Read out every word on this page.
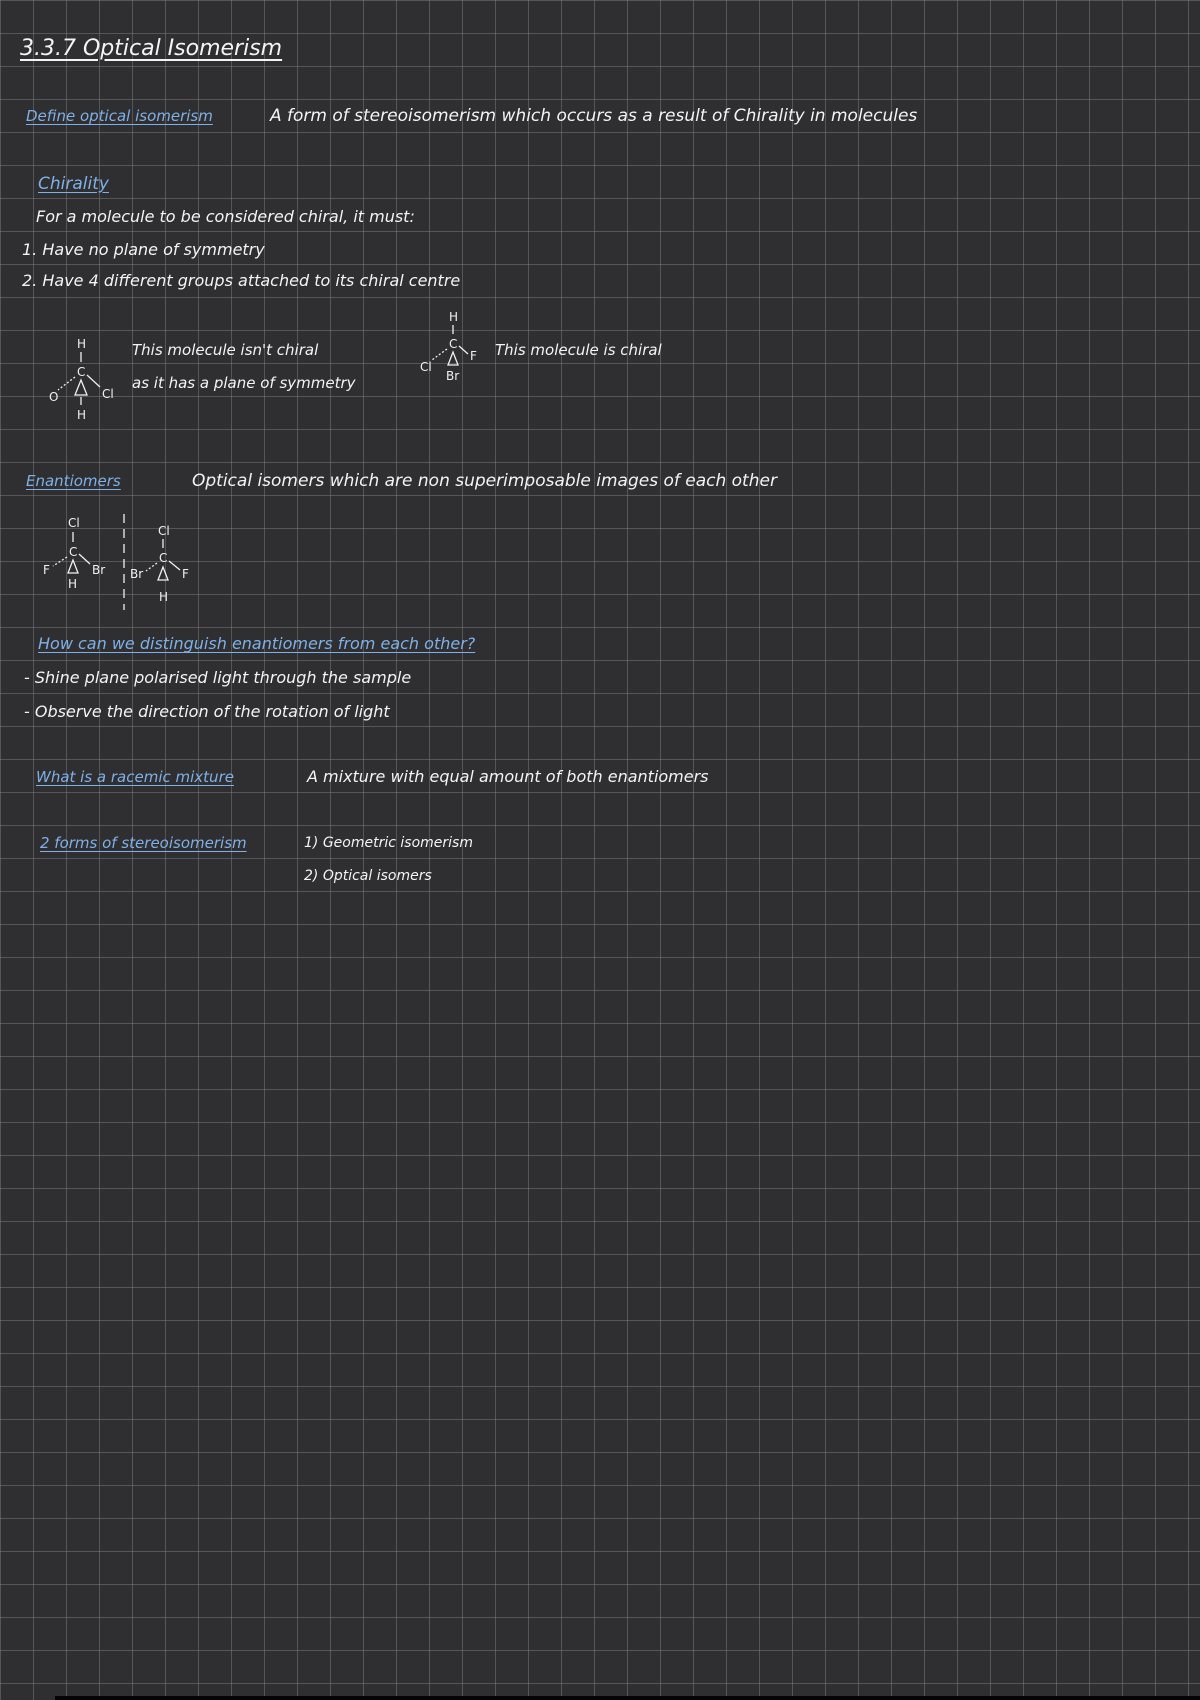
3.3.7 Optical Isomerism
Define optical isomerism	A form of stereoisomerism which occurs as a result of Chirality in molecules
Chirality
For a molecule to be considered chiral, it must:
1. Have no plane of symmetry
2. Have 4 different groups attached to its chiral centre
H
C
O	Cl
H
This molecule isn't chiral
as it has a plane of symmetry
H
C
Cl
F
Br
This molecule is chiral
Enantiomers	Optical isomers which are non superimposable images of each other
Cl
C
F	Br
H
Cl
C
Br	F
H
How can we distinguish enantiomers from each other?
- Shine plane polarised light through the sample
- Observe the direction of the rotation of light
What is a racemic mixture	A mixture with equal amount of both enantiomers
2 forms of stereoisomerism	1) Geometric isomerism
2) Optical isomers
